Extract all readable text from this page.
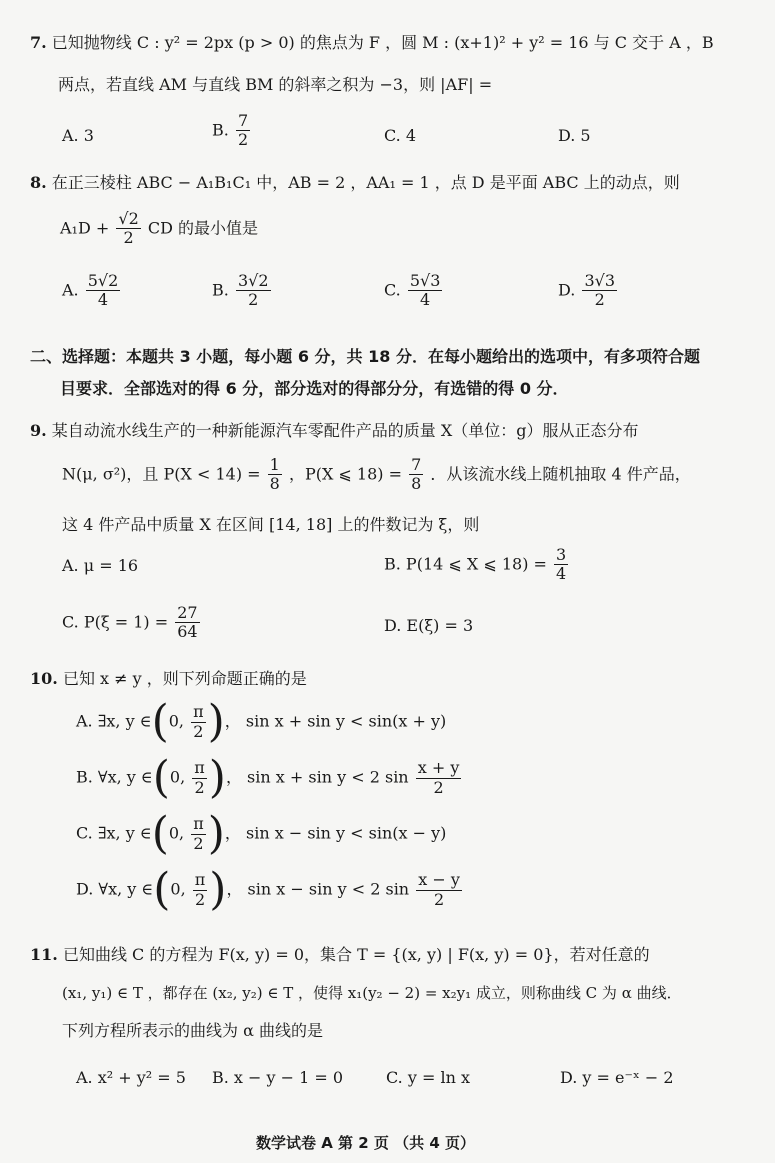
7. 已知抛物线 C : y² = 2px (p > 0) 的焦点为 F ，圆 M : (x+1)² + y² = 16 与 C 交于 A ，B
两点，若直线 AM 与直线 BM 的斜率之积为 −3，则 |AF| =
A. 3	B. $\frac{7}{2}$	C. 4	D. 5
8. 在正三棱柱 ABC − A₁B₁C₁ 中，AB = 2 ，AA₁ = 1 ，点 D 是平面 ABC 上的动点，则
$A_1D + \frac{√2}{2}$ CD 的最小值是
A. $\frac{5√2}{4}$	B. $\frac{3√2}{2}$	C. $\frac{5√3}{4}$	D. $\frac{3√3}{2}$
二、选择题：本题共 3 小题，每小题 6 分，共 18 分．在每小题给出的选项中，有多项符合题
目要求．全部选对的得 6 分，部分选对的得部分分，有选错的得 0 分．
9. 某自动流水线生产的一种新能源汽车零配件产品的质量 X（单位：g）服从正态分布
N(μ, σ²)，且 $P(X < 14) = \frac{1}{8}$ ，P(X ⩽ $18) = \frac{7}{8}$ ．从该流水线上随机抽取 4 件产品，
这 4 件产品中质量 X 在区间 [14, 18] 上的件数记为 ξ，则
A. μ = 16	B. P(14 ⩽ X ⩽ $18) = \frac{3}{4}$
C. $P(\xi = 1) = \frac{27}{64}$	D. E(ξ) = 3
10. 已知 x ≠ y ，则下列命题正确的是
A. ∃x, y ∈(0, $\frac{\pi}{2}$ )， sin x + sin y < sin(x + y)
B. ∀x, y ∈(0, $\frac{\pi}{2}$ )， sin x + sin y < 2 $\sin \frac{x + y}{2}$
C. ∃x, y ∈(0, $\frac{\pi}{2}$ )， sin x − sin y < sin(x − y)
D. ∀x, y ∈(0, $\frac{\pi}{2}$ )， sin x − sin y < 2 $\sin \frac{x - y}{2}$
11. 已知曲线 C 的方程为 F(x, y) = 0，集合 T = {(x, y) | F(x, y) = 0}，若对任意的
(x₁, y₁) ∈ T ，都存在 (x₂, y₂) ∈ T ，使得 x₁(y₂ − 2) = x₂y₁ 成立，则称曲线 C 为 α 曲线．
下列方程所表示的曲线为 α 曲线的是
A. x² + y² = 5 B. x − y − 1 = 0	C. y = ln x	D. y = e⁻ˣ − 2
数学试卷 A 第 2 页 （共 4 页）
